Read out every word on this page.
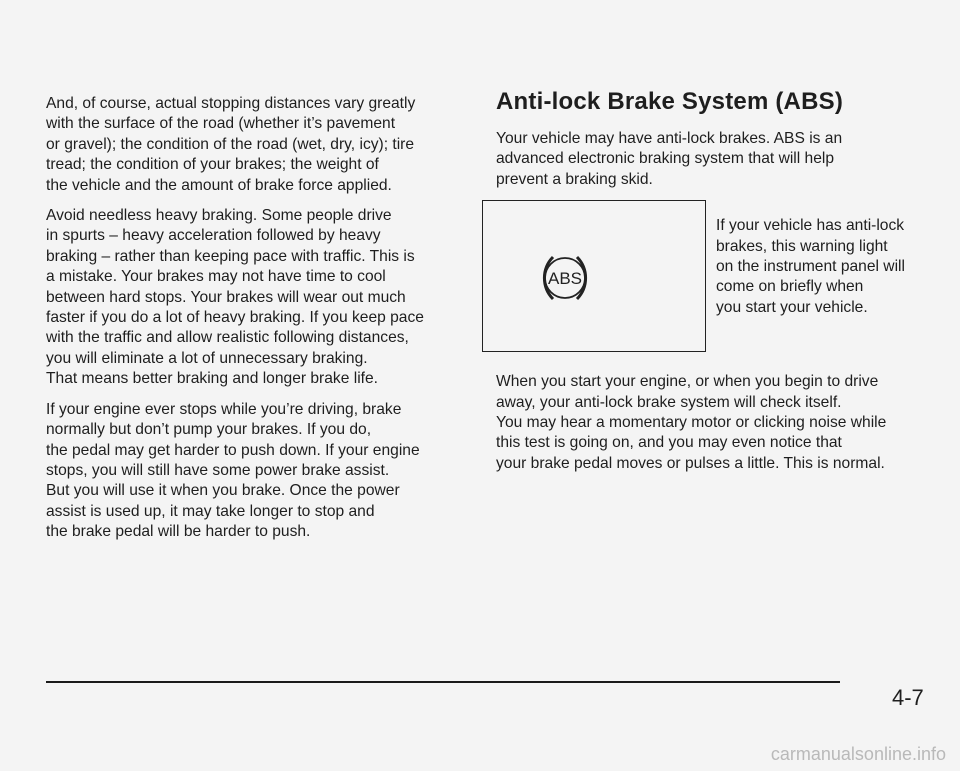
And, of course, actual stopping distances vary greatly
with the surface of the road (whether it’s pavement
or gravel); the condition of the road (wet, dry, icy); tire
tread; the condition of your brakes; the weight of
the vehicle and the amount of brake force applied.

Avoid needless heavy braking. Some people drive
in spurts – heavy acceleration followed by heavy
braking – rather than keeping pace with traffic. This is
a mistake. Your brakes may not have time to cool
between hard stops. Your brakes will wear out much
faster if you do a lot of heavy braking. If you keep pace
with the traffic and allow realistic following distances,
you will eliminate a lot of unnecessary braking.
That means better braking and longer brake life.

If your engine ever stops while you’re driving, brake
normally but don’t pump your brakes. If you do,
the pedal may get harder to push down. If your engine
stops, you will still have some power brake assist.
But you will use it when you brake. Once the power
assist is used up, it may take longer to stop and
the brake pedal will be harder to push.

Anti-lock Brake System (ABS)

Your vehicle may have anti-lock brakes. ABS is an
advanced electronic braking system that will help
prevent a braking skid.

ABS

If your vehicle has anti-lock
brakes, this warning light
on the instrument panel will
come on briefly when
you start your vehicle.

When you start your engine, or when you begin to drive
away, your anti-lock brake system will check itself.
You may hear a momentary motor or clicking noise while
this test is going on, and you may even notice that
your brake pedal moves or pulses a little. This is normal.

4-7
carmanualsonline.info
